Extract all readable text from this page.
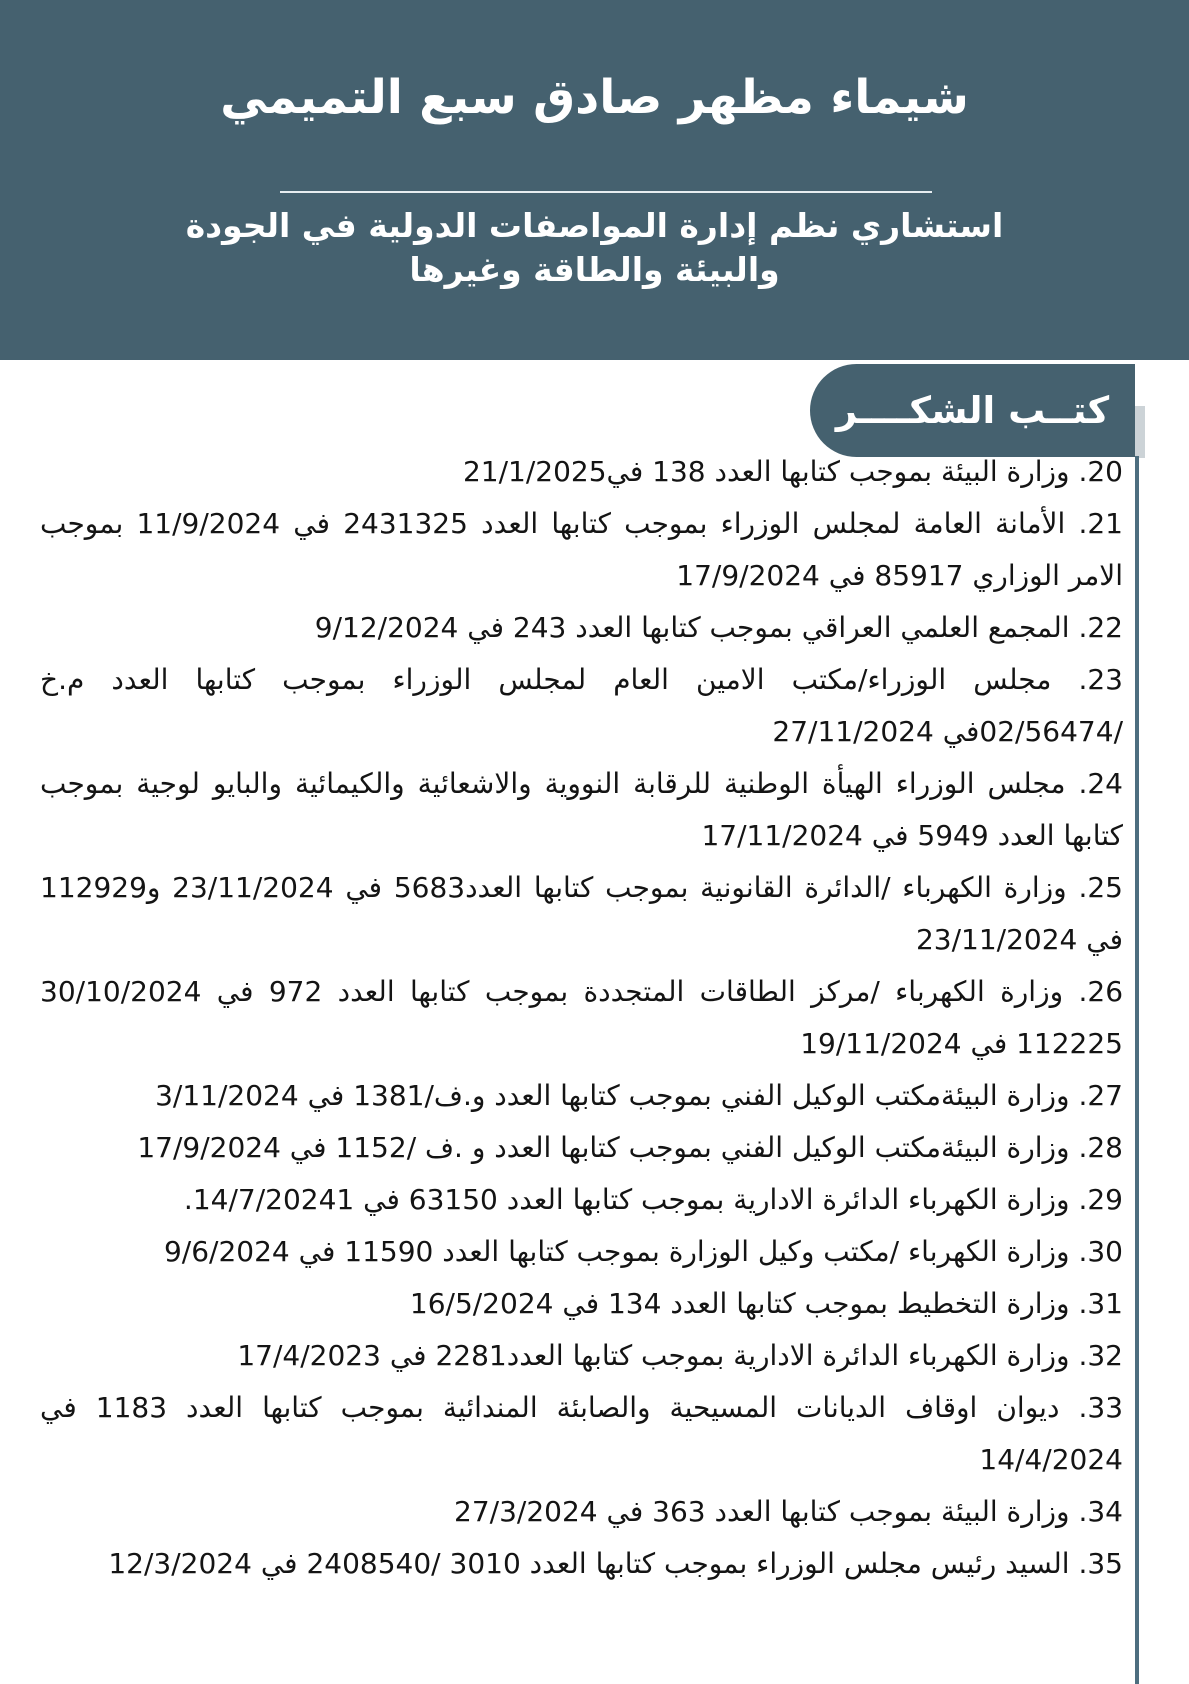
شيماء مظهر صادق سبع التميمي

استشاري نظم إدارة المواصفات الدولية في الجودة
والبيئة والطاقة وغيرها

كتــب الشكــــر

20. وزارة البيئة بموجب كتابها العدد 138 في21/1/2025

21. الأمانة العامة لمجلس الوزراء بموجب كتابها العدد 2431325 في 11/9/2024 بموجب الامر الوزاري 85917 في 17/9/2024

22. المجمع العلمي العراقي بموجب كتابها العدد 243 في 9/12/2024

23. مجلس الوزراء/مكتب الامين العام لمجلس الوزراء بموجب كتابها العدد م.خ /02/56474في 27/11/2024

24. مجلس الوزراء الهيأة الوطنية للرقابة النووية والاشعائية والكيمائية والبايو لوجية بموجب كتابها العدد 5949 في 17/11/2024

25. وزارة الكهرباء /الدائرة القانونية بموجب كتابها العدد5683 في 23/11/2024 و112929 في 23/11/2024

26. وزارة الكهرباء /مركز الطاقات المتجددة بموجب كتابها العدد 972 في 30/10/2024 112225 في 19/11/2024

27. وزارة البيئةمكتب الوكيل الفني بموجب كتابها العدد و.ف/1381 في 3/11/2024

28. وزارة البيئةمكتب الوكيل الفني بموجب كتابها العدد و .ف /1152 في 17/9/2024

29. وزارة الكهرباء الدائرة الادارية بموجب كتابها العدد 63150 في 14/7/20241.

30. وزارة الكهرباء /مكتب وكيل الوزارة بموجب كتابها العدد 11590 في 9/6/2024

31. وزارة التخطيط بموجب كتابها العدد 134 في 16/5/2024

32. وزارة الكهرباء الدائرة الادارية بموجب كتابها العدد2281 في 17/4/2023

33. ديوان اوقاف الديانات المسيحية والصابئة المندائية بموجب كتابها العدد 1183 في 14/4/2024

34. وزارة البيئة بموجب كتابها العدد 363 في 27/3/2024

35. السيد رئيس مجلس الوزراء بموجب كتابها العدد 3010 /2408540 في 12/3/2024
